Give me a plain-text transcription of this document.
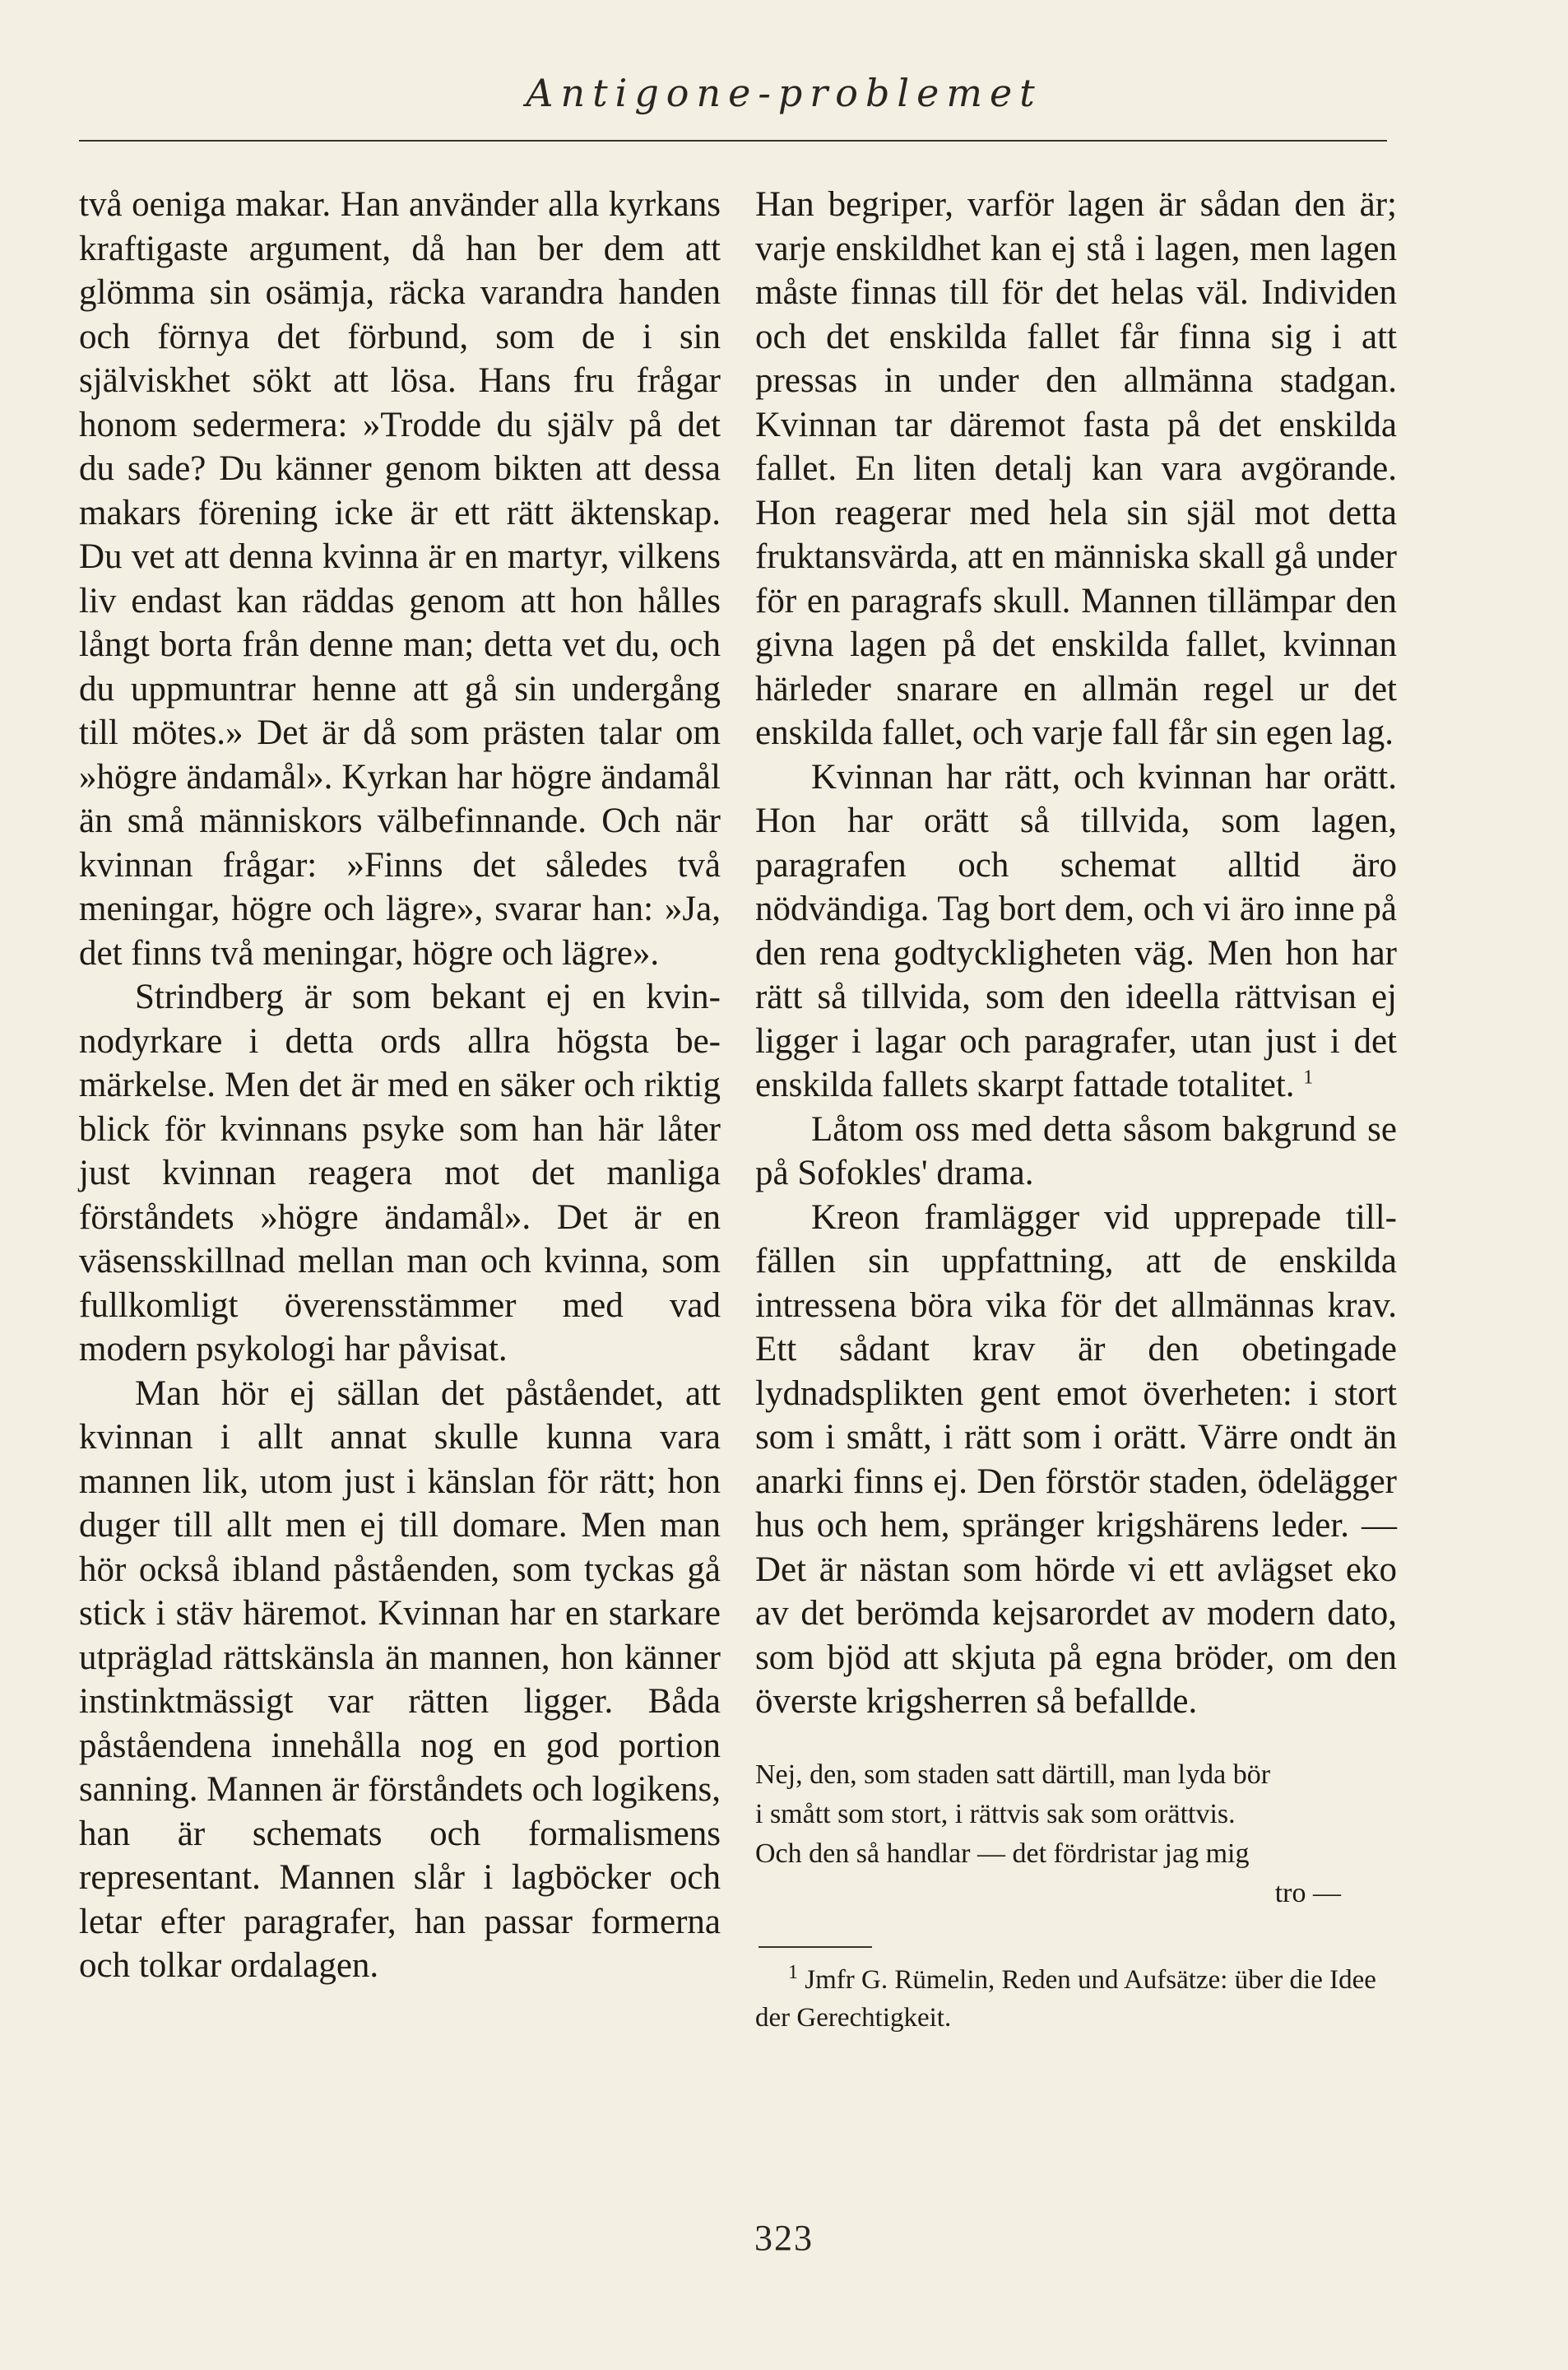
Antigone-problemet

två oeniga makar. Han använder alla kyrkans kraftigaste argument, då han ber dem att glömma sin osämja, räcka varandra handen och förnya det förbund, som de i sin själviskhet sökt att lösa. Hans fru frågar honom sedermera: »Trodde du själv på det du sade? Du känner genom bikten att dessa makars förening icke är ett rätt äktenskap. Du vet att denna kvinna är en martyr, vilkens liv endast kan räddas genom att hon hålles långt borta från denne man; detta vet du, och du uppmuntrar henne att gå sin undergång till mötes.» Det är då som prästen talar om »högre ändamål». Kyrkan har högre ändamål än små människors välbefinnande. Och när kvinnan frågar: »Finns det således två meningar, högre och lägre», svarar han: »Ja, det finns två meningar, högre och lägre».

Strindberg är som bekant ej en kvinnodyrkare i detta ords allra högsta bemärkelse. Men det är med en säker och riktig blick för kvinnans psyke som han här låter just kvinnan reagera mot det manliga förståndets »högre ändamål». Det är en väsensskillnad mellan man och kvinna, som fullkomligt överensstämmer med vad modern psykologi har påvisat.

Man hör ej sällan det påståendet, att kvinnan i allt annat skulle kunna vara mannen lik, utom just i känslan för rätt; hon duger till allt men ej till domare. Men man hör också ibland påståenden, som tyckas gå stick i stäv häremot. Kvinnan har en starkare utpräglad rättskänsla än mannen, hon känner instinktmässigt var rätten ligger. Båda påståendena innehålla nog en god portion sanning. Mannen är förståndets och logikens, han är schemats och formalismens representant. Mannen slår i lagböcker och letar efter paragrafer, han passar formerna och tolkar ordalagen.

Han begriper, varför lagen är sådan den är; varje enskildhet kan ej stå i lagen, men lagen måste finnas till för det helas väl. Individen och det enskilda fallet får finna sig i att pressas in under den allmänna stadgan. Kvinnan tar däremot fasta på det enskilda fallet. En liten detalj kan vara avgörande. Hon reagerar med hela sin själ mot detta fruktansvärda, att en människa skall gå under för en paragrafs skull. Mannen tillämpar den givna lagen på det enskilda fallet, kvinnan härleder snarare en allmän regel ur det enskilda fallet, och varje fall får sin egen lag.

Kvinnan har rätt, och kvinnan har orätt. Hon har orätt så tillvida, som lagen, paragrafen och schemat alltid äro nödvändiga. Tag bort dem, och vi äro inne på den rena godtyckligheten väg. Men hon har rätt så tillvida, som den ideella rättvisan ej ligger i lagar och paragrafer, utan just i det enskilda fallets skarpt fattade totalitet. $^1$

Låtom oss med detta såsom bakgrund se på Sofokles' drama.

Kreon framlägger vid upprepade tillfällen sin uppfattning, att de enskilda intressena böra vika för det allmännas krav. Ett sådant krav är den obetingade lydnadsplikten gent emot överheten: i stort som i smått, i rätt som i orätt. Värre ondt än anarki finns ej. Den förstör staden, ödelägger hus och hem, spränger krigshärens leder. — Det är nästan som hörde vi ett avlägset eko av det berömda kejsarordet av modern dato, som bjöd att skjuta på egna bröder, om den överste krigsherren så befallde.

Nej, den, som staden satt därtill, man lyda bör
i smått som stort, i rättvis sak som orättvis.
Och den så handlar — det fördristar jag mig
tro —
$^1$ Jmfr G. Rümelin, Reden und Aufsätze: über die Idee der Gerechtigkeit.
323
